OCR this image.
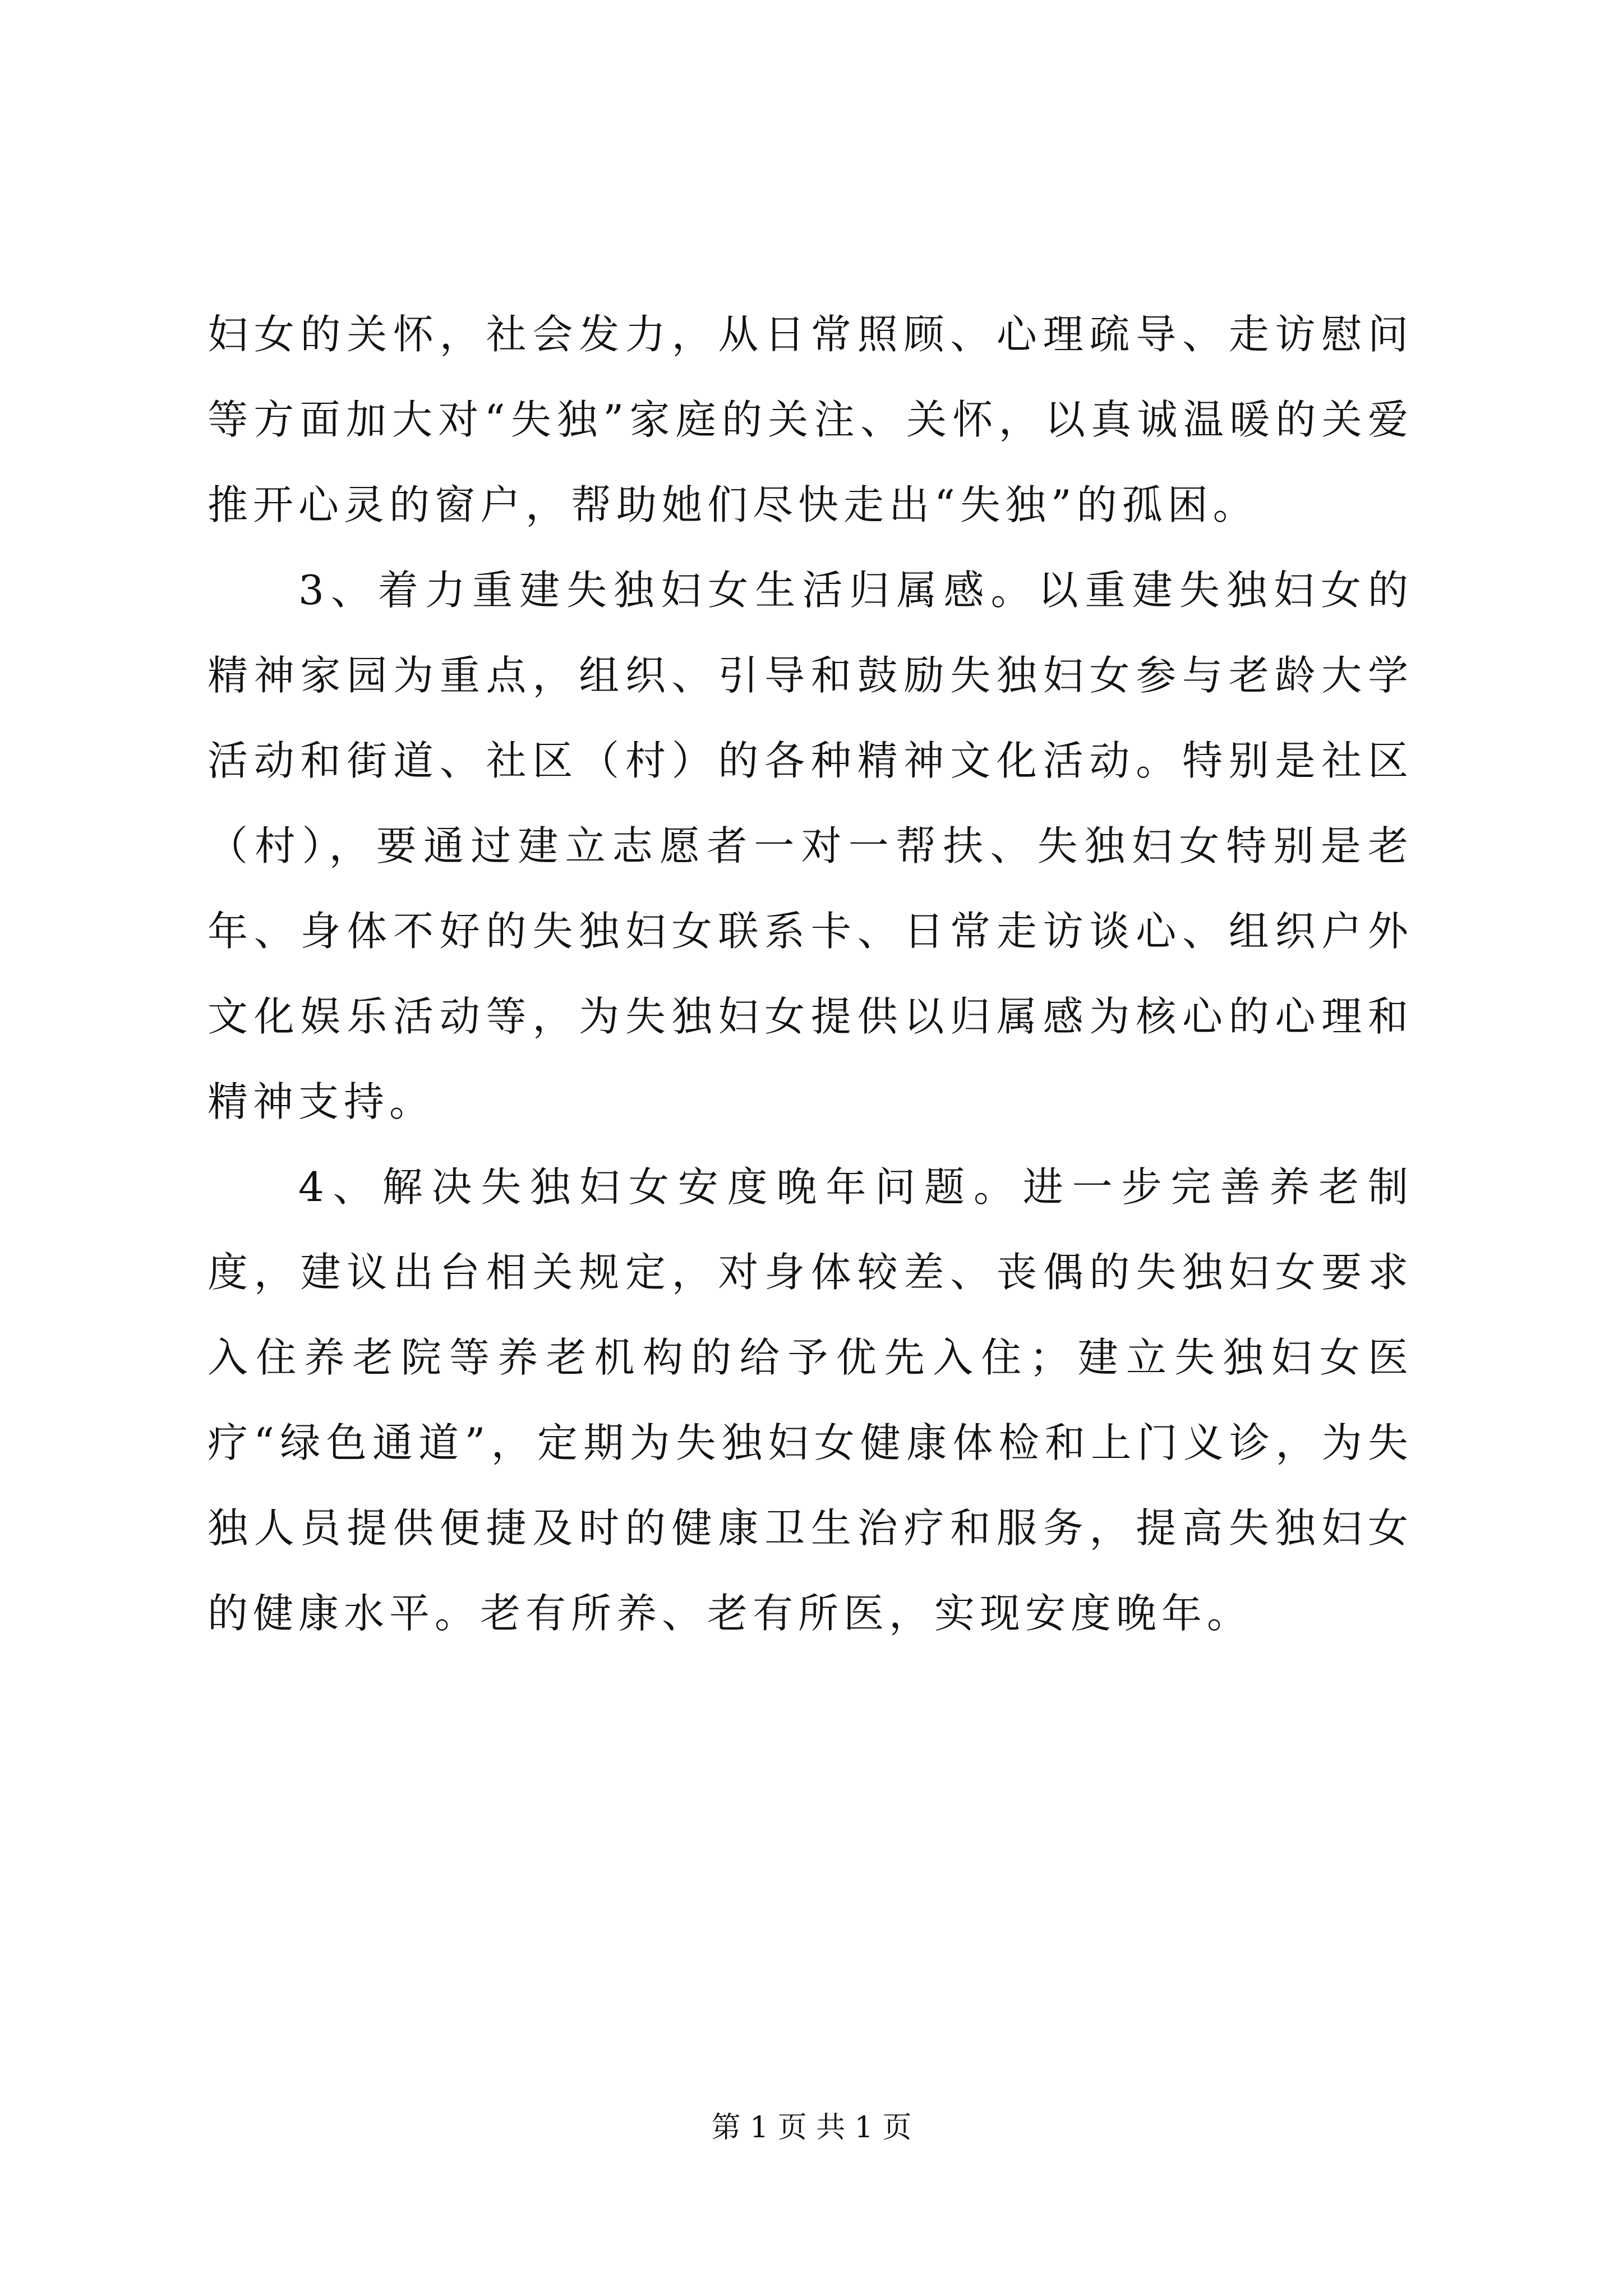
妇女的关怀，社会发力，从日常照顾、心理疏导、走访慰问等方面加大对“失独”家庭的关注、关怀，以真诚温暖的关爱推开心灵的窗户，帮助她们尽快走出“失独”的孤困。

3、着力重建失独妇女生活归属感。以重建失独妇女的精神家园为重点，组织、引导和鼓励失独妇女参与老龄大学活动和街道、社区（村）的各种精神文化活动。特别是社区（村），要通过建立志愿者一对一帮扶、失独妇女特别是老年、身体不好的失独妇女联系卡、日常走访谈心、组织户外文化娱乐活动等，为失独妇女提供以归属感为核心的心理和精神支持。

4、解决失独妇女安度晚年问题。进一步完善养老制度，建议出台相关规定，对身体较差、丧偶的失独妇女要求入住养老院等养老机构的给予优先入住；建立失独妇女医疗“绿色通道”，定期为失独妇女健康体检和上门义诊，为失独人员提供便捷及时的健康卫生治疗和服务，提高失独妇女的健康水平。老有所养、老有所医，实现安度晚年。

第 1 页 共 1 页
